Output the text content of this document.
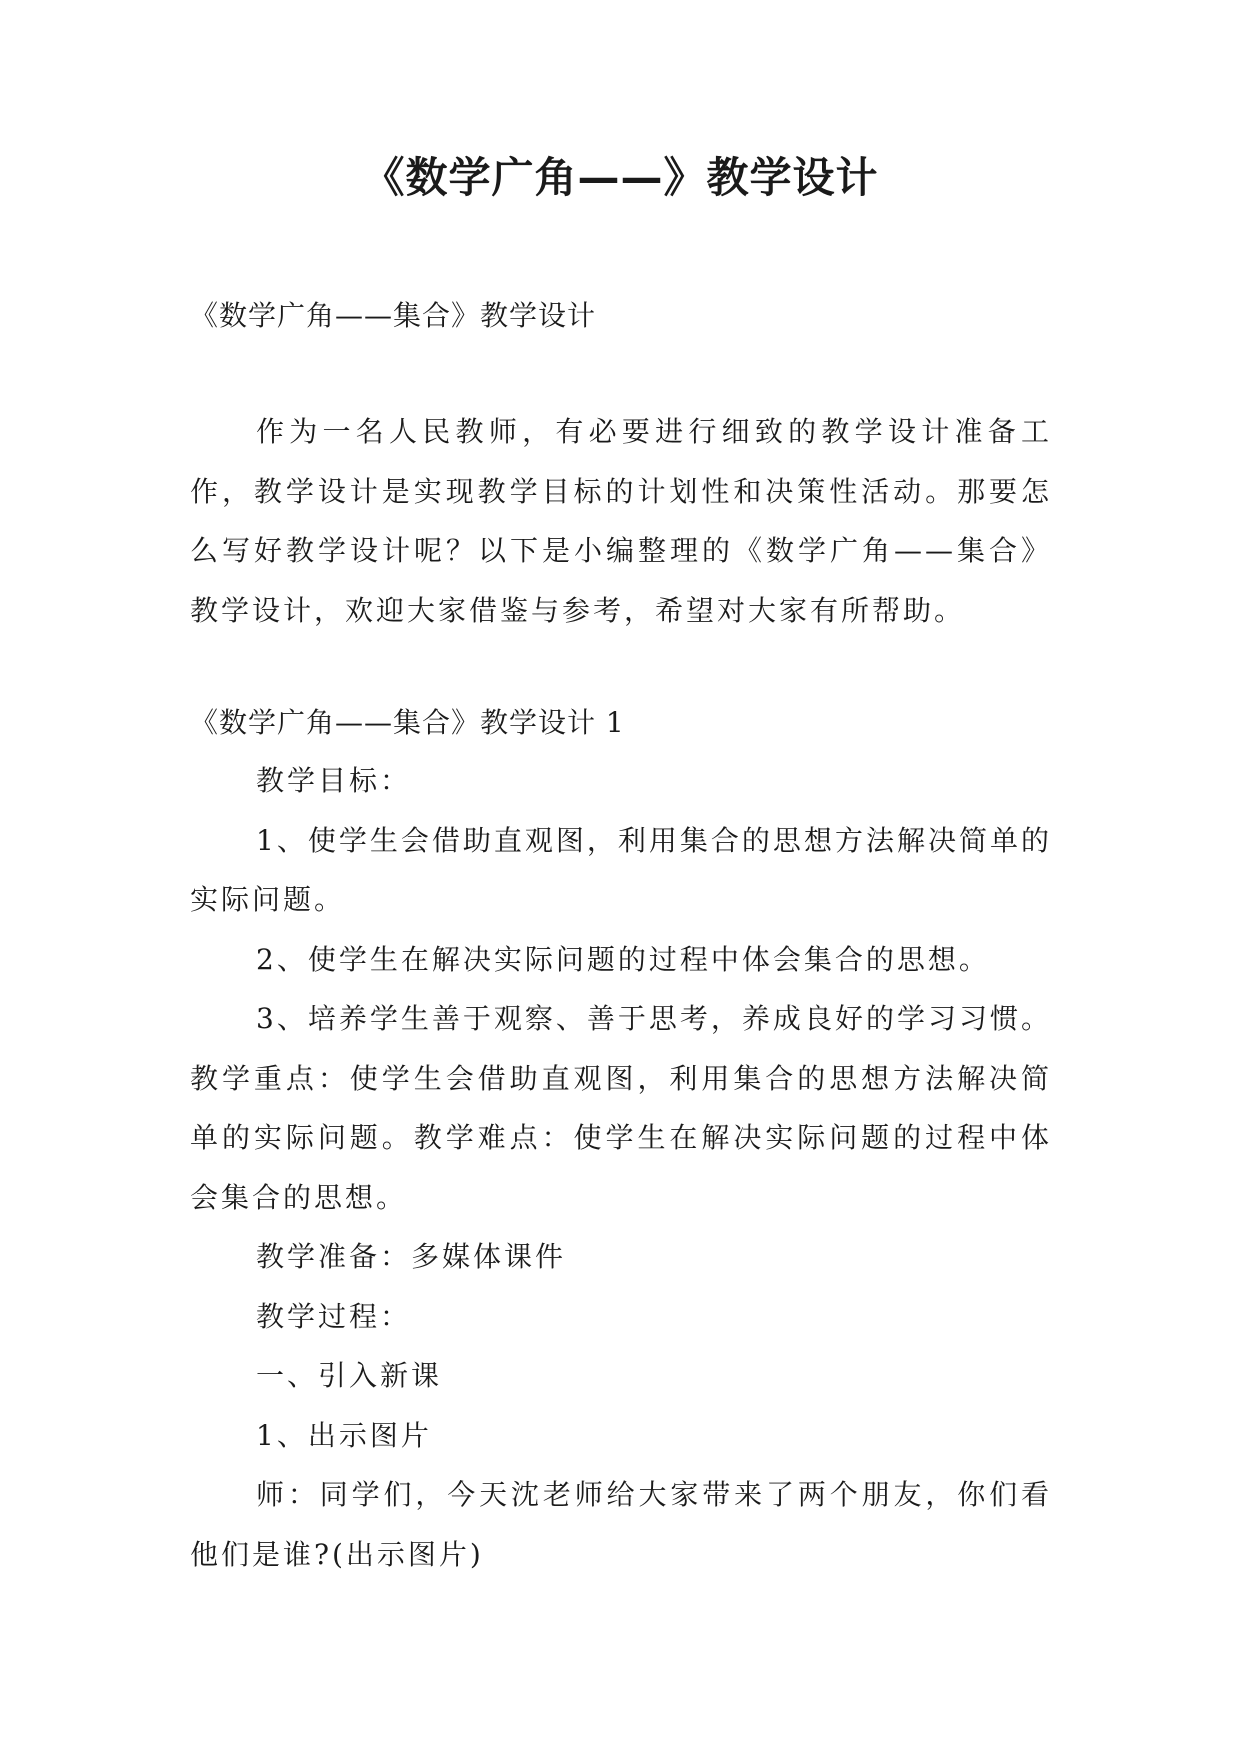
《数学广角——》教学设计

《数学广角——集合》教学设计

作为一名人民教师，有必要进行细致的教学设计准备工作，教学设计是实现教学目标的计划性和决策性活动。那要怎么写好教学设计呢？以下是小编整理的《数学广角——集合》教学设计，欢迎大家借鉴与参考，希望对大家有所帮助。

《数学广角——集合》教学设计 1

教学目标：

1、使学生会借助直观图，利用集合的思想方法解决简单的实际问题。

2、使学生在解决实际问题的过程中体会集合的思想。

3、培养学生善于观察、善于思考，养成良好的学习习惯。教学重点：使学生会借助直观图，利用集合的思想方法解决简单的实际问题。教学难点：使学生在解决实际问题的过程中体会集合的思想。

教学准备：多媒体课件

教学过程：

一、引入新课

1、出示图片

师：同学们，今天沈老师给大家带来了两个朋友，你们看他们是谁?(出示图片)
